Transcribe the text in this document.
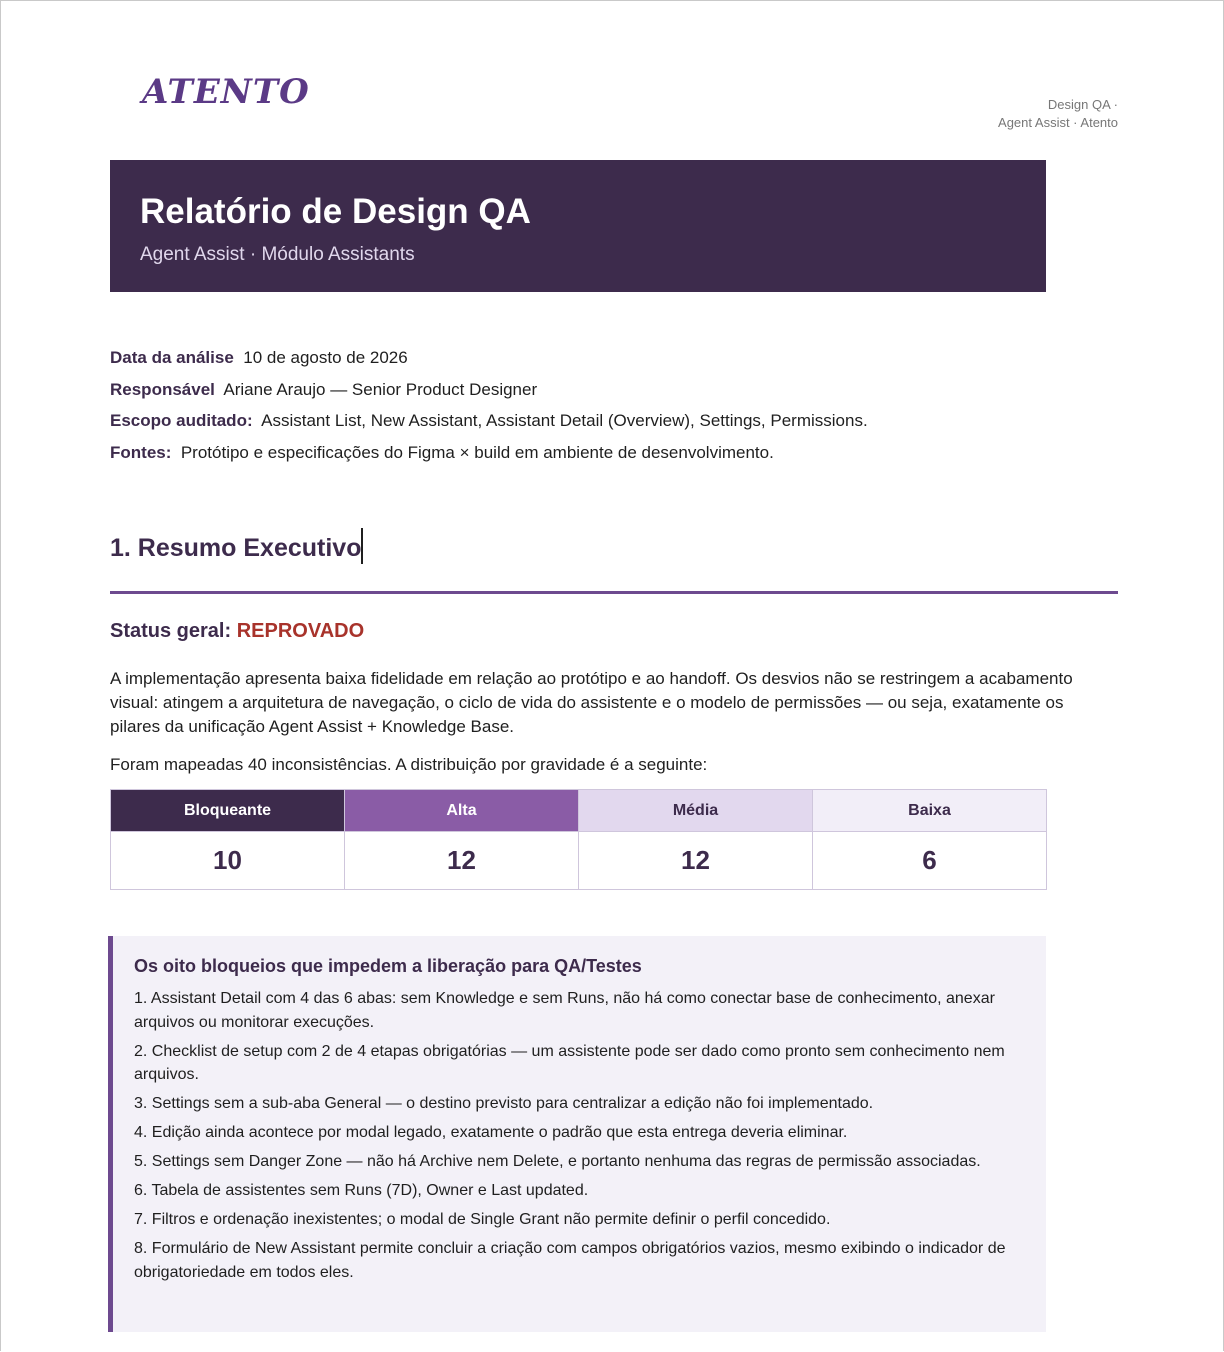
ATENTO	Design QA ·
Agent Assist · Atento
Relatório de Design QA
Agent Assist · Módulo Assistants
Data da análise 10 de agosto de 2026
Responsável Ariane Araujo — Senior Product Designer
Escopo auditado: Assistant List, New Assistant, Assistant Detail (Overview), Settings, Permissions.
Fontes: Protótipo e especificações do Figma × build em ambiente de desenvolvimento.
1. Resumo Executivo
Status geral: REPROVADO

A implementação apresenta baixa fidelidade em relação ao protótipo e ao handoff. Os desvios não se restringem a acabamento visual: atingem a arquitetura de navegação, o ciclo de vida do assistente e o modelo de permissões — ou seja, exatamente os pilares da unificação Agent Assist + Knowledge Base.

Foram mapeadas 40 inconsistências. A distribuição por gravidade é a seguinte:

Bloqueante	Alta	Média	Baixa
10	12	12	6
Os oito bloqueios que impedem a liberação para QA/Testes
1. Assistant Detail com 4 das 6 abas: sem Knowledge e sem Runs, não há como conectar base de conhecimento, anexar arquivos ou monitorar execuções.
2. Checklist de setup com 2 de 4 etapas obrigatórias — um assistente pode ser dado como pronto sem conhecimento nem arquivos.
3. Settings sem a sub-aba General — o destino previsto para centralizar a edição não foi implementado.
4. Edição ainda acontece por modal legado, exatamente o padrão que esta entrega deveria eliminar.
5. Settings sem Danger Zone — não há Archive nem Delete, e portanto nenhuma das regras de permissão associadas.
6. Tabela de assistentes sem Runs (7D), Owner e Last updated.
7. Filtros e ordenação inexistentes; o modal de Single Grant não permite definir o perfil concedido.
8. Formulário de New Assistant permite concluir a criação com campos obrigatórios vazios, mesmo exibindo o indicador de obrigatoriedade em todos eles.
